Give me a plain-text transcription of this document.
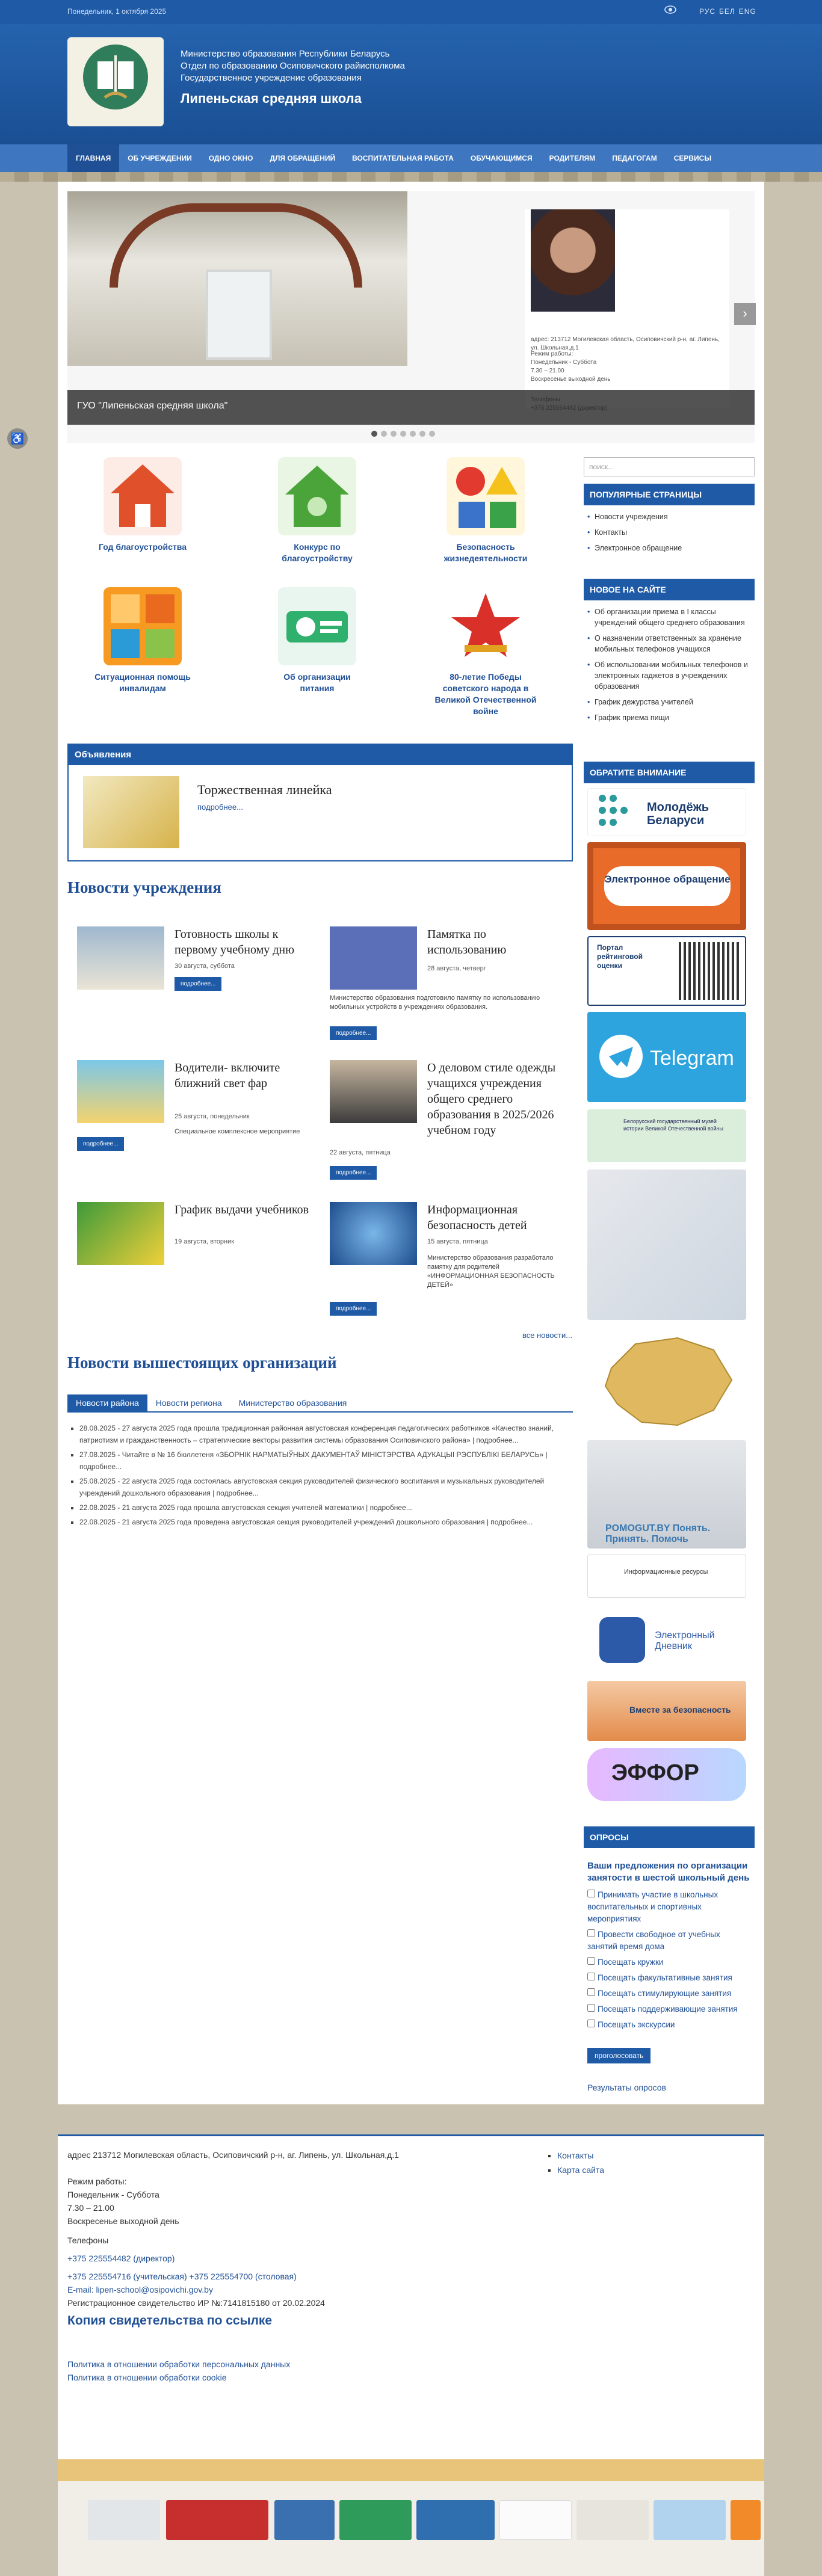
Понедельник, 1 октября 2025	РУС БЕЛ ENG
Министерство образования Республики Беларусь
Отдел по образованию Осиповичского райисполкома
Государственное учреждение образования
Липеньская средняя школа
ГЛАВНАЯ	ОБ УЧРЕЖДЕНИИ	ОДНО ОКНО	ДЛЯ ОБРАЩЕНИЙ	ВОСПИТАТЕЛЬНАЯ РАБОТА	ОБУЧАЮЩИМСЯ	РОДИТЕЛЯМ	ПЕДАГОГАМ	СЕРВИСЫ
♿
адрес: 213712 Могилевская область, Осиповичский р-н, аг. Липень, ул. Школьная,д.1
Режим работы:
Понедельник - Суббота
7.30 – 21.00
Воскресенье выходной день
ГУО "Липеньская средняя школа"
›
Год благоустройства	Конкурс по благоустройству
Безопасность жизнедеятельности
Ситуационная помощь инвалидам
Об организации питания
80-летие Победы советского народа в Великой Отечественной войне
Объявления
Торжественная линейка
подробнее...
Новости учреждения
Готовность школы к первому учебному дню
30 августа, суббота
подробнее...
Памятка по использованию
28 августа, четверг
Министерство образования подготовило памятку по использованию мобильных устройств в учреждениях образования.
подробнее...
Водители- включите ближний свет фар
25 августа, понедельник
Специальное комплексное мероприятие
подробнее...
О деловом стиле одежды учащихся учреждения общего среднего образования в 2025/2026 учебном году
22 августа, пятница
подробнее...
График выдачи учебников
19 августа, вторник
Информационная безопасность детей
15 августа, пятница
Министерство образования разработало памятку для родителей «ИНФОРМАЦИОННАЯ БЕЗОПАСНОСТЬ ДЕТЕЙ»
подробнее...
все новости...
Новости вышестоящих организаций
Новости района	Новости региона	Министерство образования
▪ 28.08.2025 - 27 августа 2025 года прошла традиционная районная августовская конференция педагогических работников «Качество знаний, патриотизм и гражданственность – стратегические векторы развития системы образования Осиповичского района» | подробнее...
▪ 27.08.2025 - Читайте в № 16 бюллетеня «ЗБОРНІК НАРМАТЫЎНЫХ ДАКУМЕНТАЎ МІНІСТЭРСТВА АДУКАЦЫІ РЭСПУБЛІКІ БЕЛАРУСЬ» | подробнее...
▪ 25.08.2025 - 22 августа 2025 года состоялась августовская секция руководителей физического воспитания и музыкальных руководителей учреждений дошкольного образования | подробнее...
▪ 22.08.2025 - 21 августа 2025 года прошла августовская секция учителей математики | подробнее...
▪ 22.08.2025 - 21 августа 2025 года проведена августовская секция руководителей учреждений дошкольного образования | подробнее...
поиск...
ПОПУЛЯРНЫЕ СТРАНИЦЫ
• Новости учреждения
• Контакты
• Электронное обращение
НОВОЕ НА САЙТЕ
• Об организации приема в I классы учреждений общего среднего образования
• О назначении ответственных за хранение мобильных телефонов учащихся
• Об использовании мобильных телефонов и электронных гаджетов в учреждениях образования
• График дежурства учителей
• График приема пищи
ОБРАТИТЕ ВНИМАНИЕ
Молодёжь Беларуси
Электронное обращение
Портал рейтинговой оценки
Telegram
Белорусский государственный музей истории Великой Отечественной войны
POMOGUT.BY Понять. Принять. Помочь
Информационные ресурсы
Электронный Дневник
Вместе за безопасность
ЭФФОР
ОПРОСЫ
Ваши предложения по организации занятости в шестой школьный день
Принимать участие в школьных воспитательных и спортивных мероприятиях
Провести свободное от учебных занятий время дома
Посещать кружки
Посещать факультативные занятия
Посещать стимулирующие занятия
Посещать поддерживающие занятия
Посещать экскурсии
проголосовать
Результаты опросов
адрес 213712 Могилевская область, Осиповичский р-н, аг. Липень, ул. Школьная,д.1
Режим работы:
Понедельник - Суббота
7.30 – 21.00
Воскресенье выходной день
Телефоны
+375 225554482 (директор)
+375 225554716 (учительская) +375 225554700 (столовая)
E-mail: lipen-school@osipovichi.gov.by
Регистрационное свидетельство ИР №:7141815180 от 20.02.2024
Копия свидетельства по ссылке
Политика в отношении обработки персональных данных
Политика в отношении обработки cookie
▪ Контакты
▪ Карта сайта
